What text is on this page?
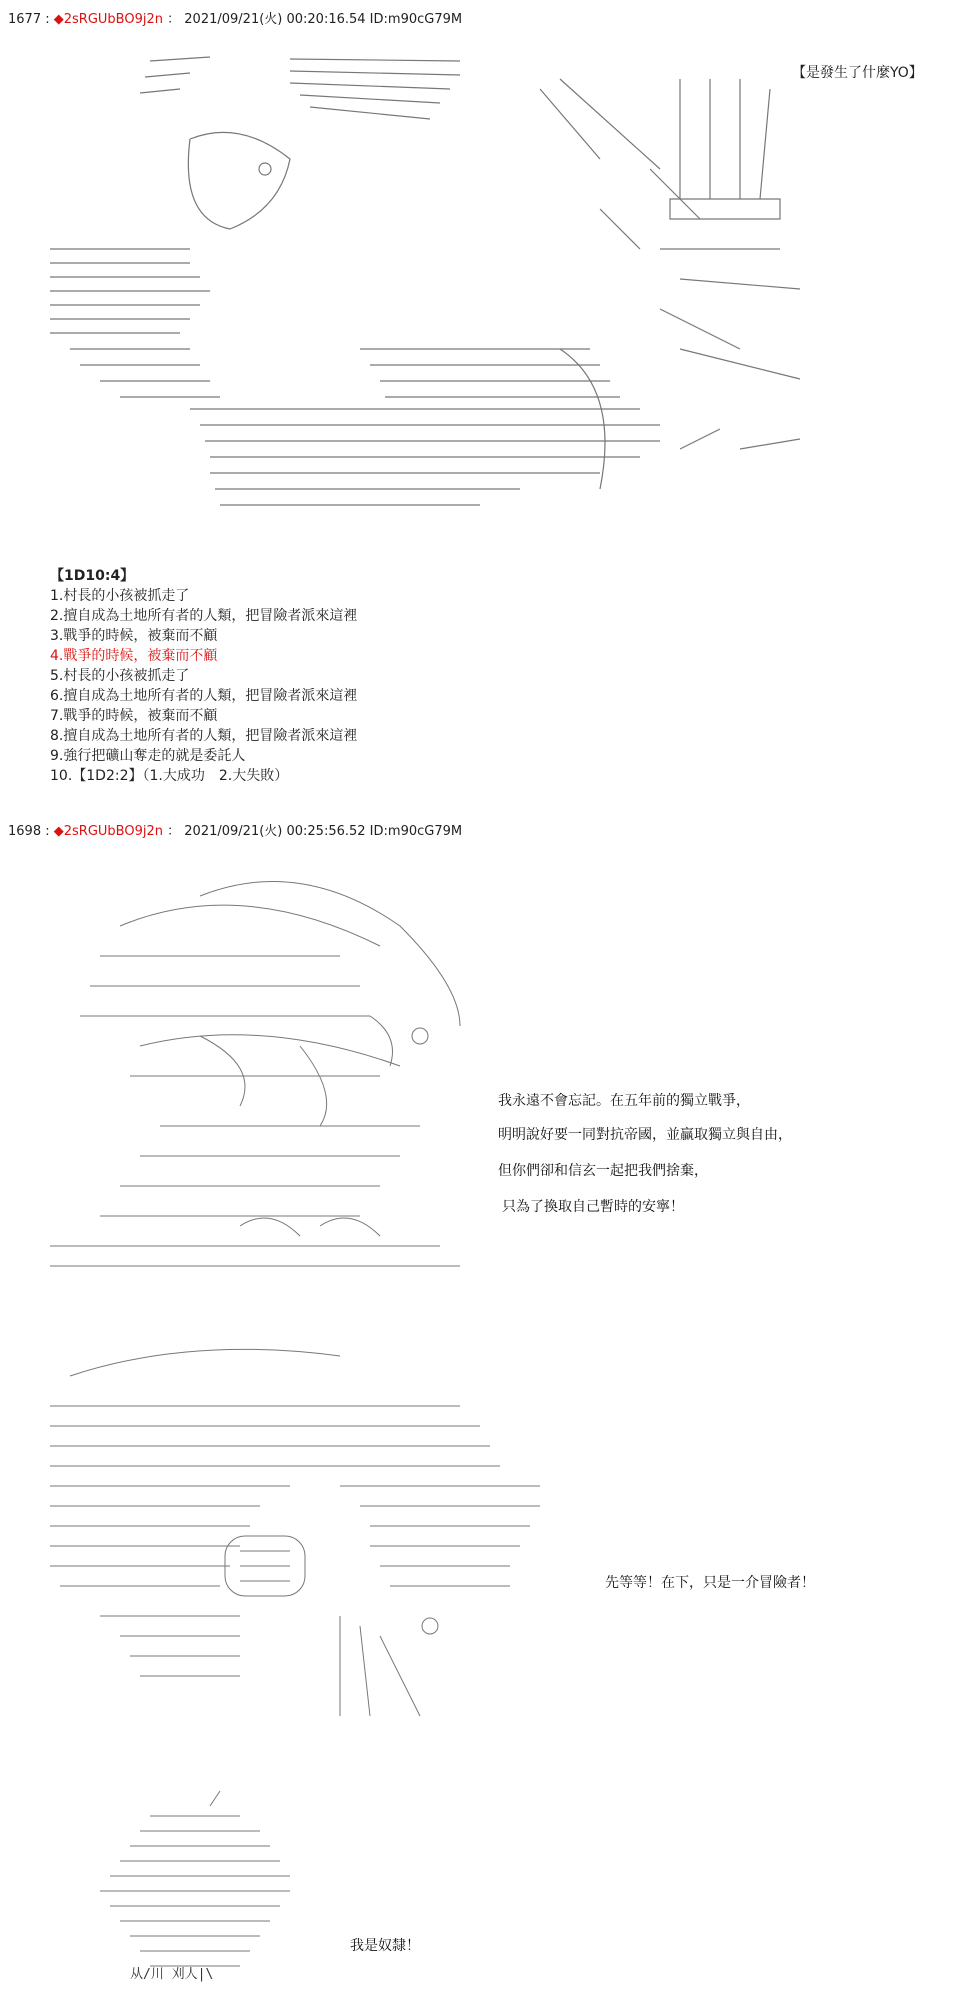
1677 : ◆2sRGUbBO9j2n ： 2021/09/21(火) 00:20:16.54 ID:m90cG79M

【是發生了什麼YO】
【1D10:4】
1.村長的小孩被抓走了
2.擅自成為土地所有者的人類，把冒險者派來這裡
3.戰爭的時候，被棄而不顧
4.戰爭的時候，被棄而不顧
5.村長的小孩被抓走了
6.擅自成為土地所有者的人類，把冒險者派來這裡
7.戰爭的時候，被棄而不顧
8.擅自成為土地所有者的人類，把冒險者派來這裡
9.強行把礦山奪走的就是委託人
10.【1D2:2】（1.大成功　2.大失敗）
1698 : ◆2sRGUbBO9j2n ： 2021/09/21(火) 00:25:56.52 ID:m90cG79M

我永遠不會忘記。在五年前的獨立戰爭，
明明說好要一同對抗帝國，並贏取獨立與自由，
但你們卻和信玄一起把我們捨棄，
只為了換取自己暫時的安寧！

先等等！在下，只是一介冒險者！

从/川 刈人|\
我是奴隸！
